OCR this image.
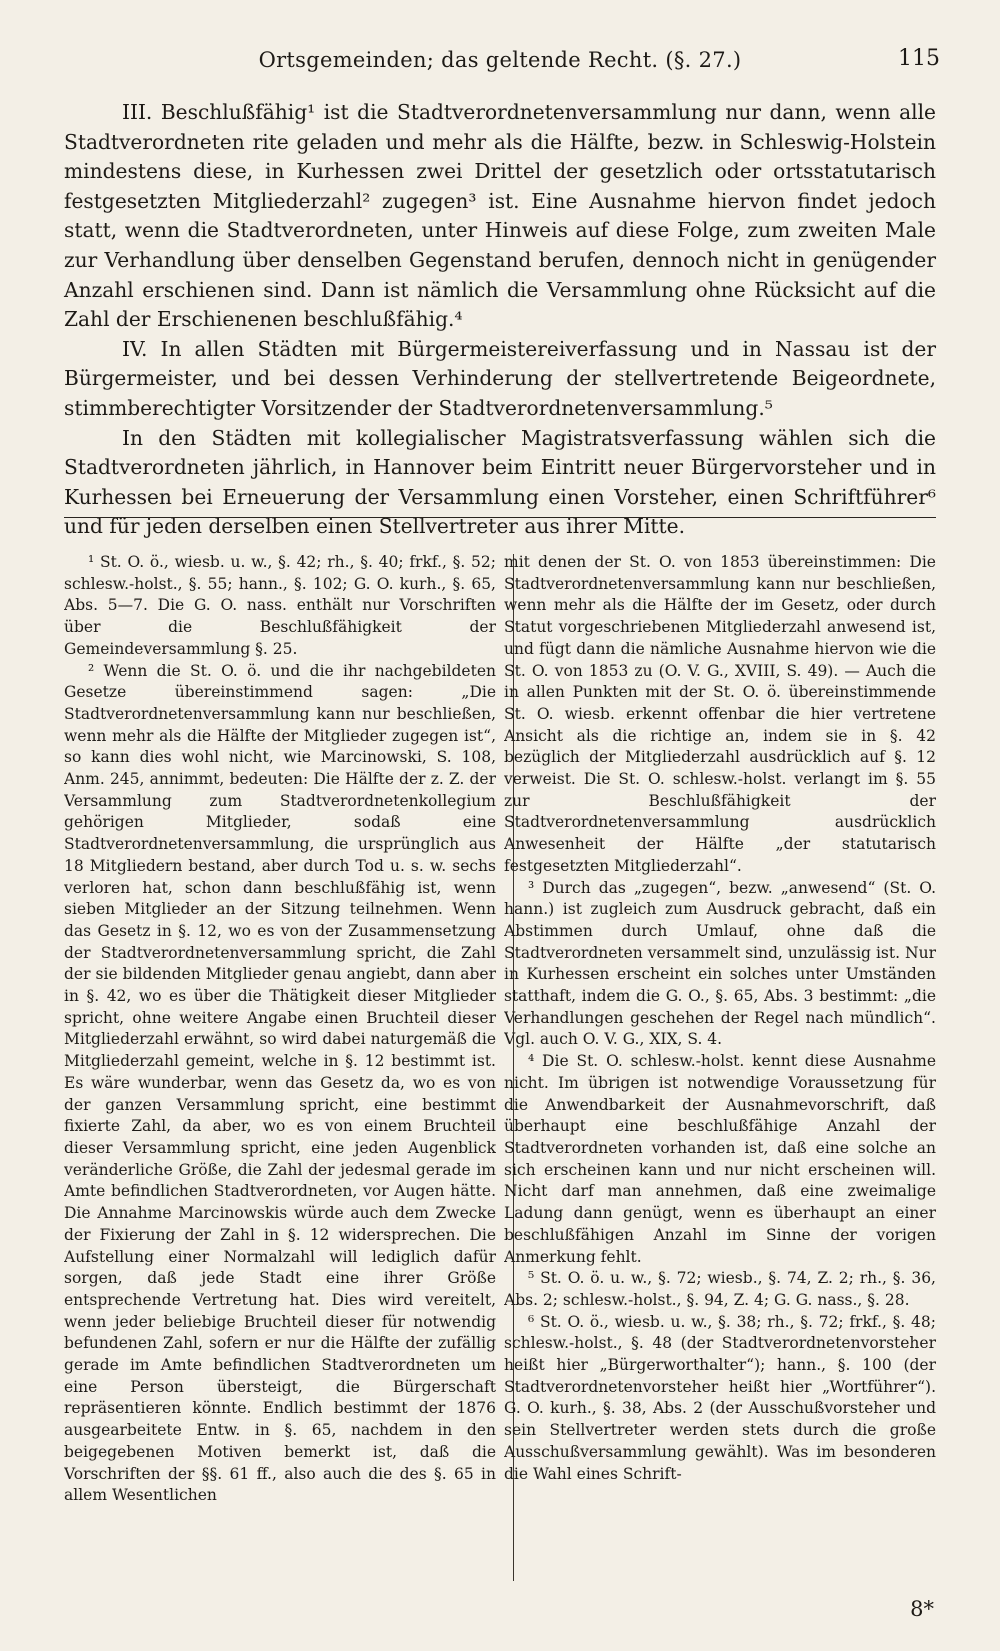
Ortsgemeinden; das geltende Recht. (§. 27.)	115

III. Beschlußfähig¹ ist die Stadtverordnetenversammlung nur dann, wenn alle Stadtverordneten rite geladen und mehr als die Hälfte, bezw. in Schleswig-Holstein mindestens diese, in Kurhessen zwei Drittel der gesetzlich oder ortsstatutarisch festgesetzten Mitgliederzahl² zugegen³ ist. Eine Ausnahme hiervon findet jedoch statt, wenn die Stadtverordneten, unter Hinweis auf diese Folge, zum zweiten Male zur Verhandlung über denselben Gegenstand berufen, dennoch nicht in genügender Anzahl erschienen sind. Dann ist nämlich die Versammlung ohne Rücksicht auf die Zahl der Erschienenen beschlußfähig.⁴

IV. In allen Städten mit Bürgermeistereiverfassung und in Nassau ist der Bürgermeister, und bei dessen Verhinderung der stellvertretende Beigeordnete, stimmberechtigter Vorsitzender der Stadtverordnetenversammlung.⁵

In den Städten mit kollegialischer Magistratsverfassung wählen sich die Stadtverordneten jährlich, in Hannover beim Eintritt neuer Bürgervorsteher und in Kurhessen bei Erneuerung der Versammlung einen Vorsteher, einen Schriftführer⁶ und für jeden derselben einen Stellvertreter aus ihrer Mitte.

¹ St. O. ö., wiesb. u. w., §. 42; rh., §. 40; frkf., §. 52; schlesw.-holst., §. 55; hann., §. 102; G. O. kurh., §. 65, Abs. 5—7. Die G. O. nass. enthält nur Vorschriften über die Beschlußfähigkeit der Gemeindeversammlung §. 25.

² Wenn die St. O. ö. und die ihr nachgebildeten Gesetze übereinstimmend sagen: „Die Stadtverordnetenversammlung kann nur beschließen, wenn mehr als die Hälfte der Mitglieder zugegen ist“, so kann dies wohl nicht, wie Marcinowski, S. 108, Anm. 245, annimmt, bedeuten: Die Hälfte der z. Z. der Versammlung zum Stadtverordnetenkollegium gehörigen Mitglieder, sodaß eine Stadtverordnetenversammlung, die ursprünglich aus 18 Mitgliedern bestand, aber durch Tod u. s. w. sechs verloren hat, schon dann beschlußfähig ist, wenn sieben Mitglieder an der Sitzung teilnehmen. Wenn das Gesetz in §. 12, wo es von der Zusammensetzung der Stadtverordnetenversammlung spricht, die Zahl der sie bildenden Mitglieder genau angiebt, dann aber in §. 42, wo es über die Thätigkeit dieser Mitglieder spricht, ohne weitere Angabe einen Bruchteil dieser Mitgliederzahl erwähnt, so wird dabei naturgemäß die Mitgliederzahl gemeint, welche in §. 12 bestimmt ist. Es wäre wunderbar, wenn das Gesetz da, wo es von der ganzen Versammlung spricht, eine bestimmt fixierte Zahl, da aber, wo es von einem Bruchteil dieser Versammlung spricht, eine jeden Augenblick veränderliche Größe, die Zahl der jedesmal gerade im Amte befindlichen Stadtverordneten, vor Augen hätte. Die Annahme Marcinowskis würde auch dem Zwecke der Fixierung der Zahl in §. 12 widersprechen. Die Aufstellung einer Normalzahl will lediglich dafür sorgen, daß jede Stadt eine ihrer Größe entsprechende Vertretung hat. Dies wird vereitelt, wenn jeder beliebige Bruchteil dieser für notwendig befundenen Zahl, sofern er nur die Hälfte der zufällig gerade im Amte befindlichen Stadtverordneten um eine Person übersteigt, die Bürgerschaft repräsentieren könnte. Endlich bestimmt der 1876 ausgearbeitete Entw. in §. 65, nachdem in den beigegebenen Motiven bemerkt ist, daß die Vorschriften der §§. 61 ff., also auch die des §. 65 in allem Wesentlichen

mit denen der St. O. von 1853 übereinstimmen: Die Stadtverordnetenversammlung kann nur beschließen, wenn mehr als die Hälfte der im Gesetz, oder durch Statut vorgeschriebenen Mitgliederzahl anwesend ist, und fügt dann die nämliche Ausnahme hiervon wie die St. O. von 1853 zu (O. V. G., XVIII, S. 49). — Auch die in allen Punkten mit der St. O. ö. übereinstimmende St. O. wiesb. erkennt offenbar die hier vertretene Ansicht als die richtige an, indem sie in §. 42 bezüglich der Mitgliederzahl ausdrücklich auf §. 12 verweist. Die St. O. schlesw.-holst. verlangt im §. 55 zur Beschlußfähigkeit der Stadtverordnetenversammlung ausdrücklich Anwesenheit der Hälfte „der statutarisch festgesetzten Mitgliederzahl“.

³ Durch das „zugegen“, bezw. „anwesend“ (St. O. hann.) ist zugleich zum Ausdruck gebracht, daß ein Abstimmen durch Umlauf, ohne daß die Stadtverordneten versammelt sind, unzulässig ist. Nur in Kurhessen erscheint ein solches unter Umständen statthaft, indem die G. O., §. 65, Abs. 3 bestimmt: „die Verhandlungen geschehen der Regel nach mündlich“. Vgl. auch O. V. G., XIX, S. 4.

⁴ Die St. O. schlesw.-holst. kennt diese Ausnahme nicht. Im übrigen ist notwendige Voraussetzung für die Anwendbarkeit der Ausnahmevorschrift, daß überhaupt eine beschlußfähige Anzahl der Stadtverordneten vorhanden ist, daß eine solche an sich erscheinen kann und nur nicht erscheinen will. Nicht darf man annehmen, daß eine zweimalige Ladung dann genügt, wenn es überhaupt an einer beschlußfähigen Anzahl im Sinne der vorigen Anmerkung fehlt.

⁵ St. O. ö. u. w., §. 72; wiesb., §. 74, Z. 2; rh., §. 36, Abs. 2; schlesw.-holst., §. 94, Z. 4; G. G. nass., §. 28.

⁶ St. O. ö., wiesb. u. w., §. 38; rh., §. 72; frkf., §. 48; schlesw.-holst., §. 48 (der Stadtverordnetenvorsteher heißt hier „Bürgerworthalter“); hann., §. 100 (der Stadtverordnetenvorsteher heißt hier „Wortführer“). G. O. kurh., §. 38, Abs. 2 (der Ausschußvorsteher und sein Stellvertreter werden stets durch die große Ausschußversammlung gewählt). Was im besonderen die Wahl eines Schrift-

8*
